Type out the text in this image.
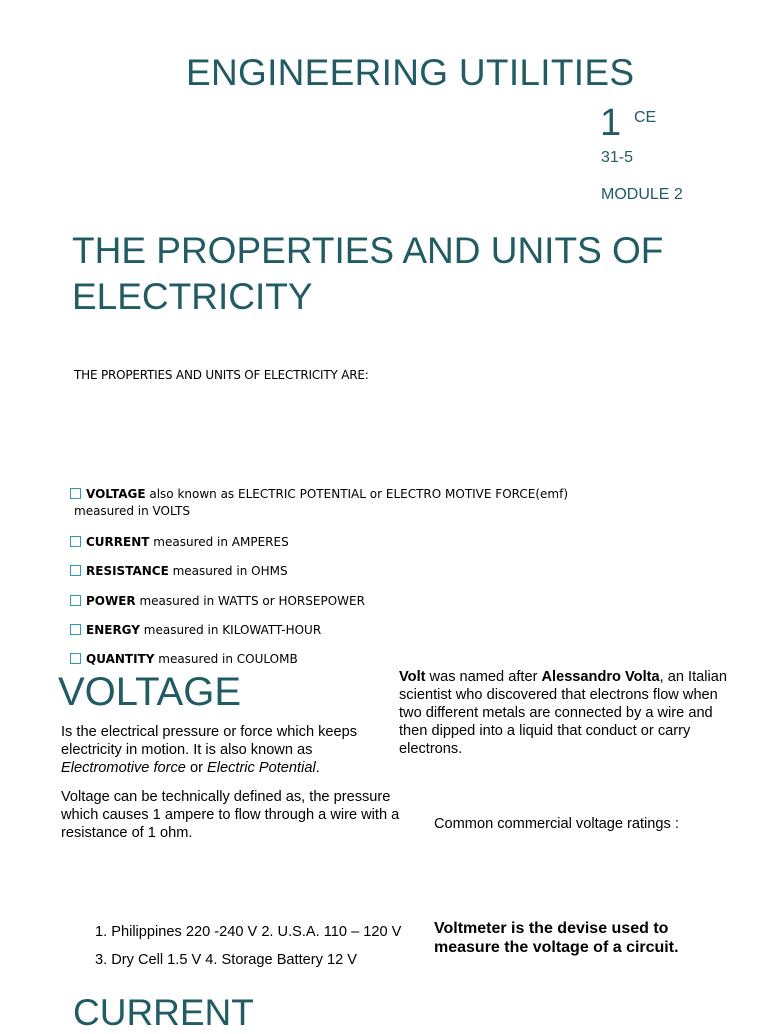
ENGINEERING UTILITIES
1 CE
31-5
MODULE 2
THE PROPERTIES AND UNITS OF ELECTRICITY
THE PROPERTIES AND UNITS OF ELECTRICITY ARE:
VOLTAGE also known as ELECTRIC POTENTIAL or ELECTRO MOTIVE FORCE(emf)
measured in VOLTS
CURRENT measured in AMPERES
RESISTANCE measured in OHMS
POWER measured in WATTS or HORSEPOWER
ENERGY measured in KILOWATT-HOUR
QUANTITY measured in COULOMB
VOLTAGE
Is the electrical pressure or force which keeps electricity in motion. It is also known as Electromotive force or Electric Potential.
Voltage can be technically defined as, the pressure which causes 1 ampere to flow through a wire with a resistance of 1 ohm.
Volt was named after Alessandro Volta, an Italian scientist who discovered that electrons flow when two different metals are connected by a wire and then dipped into a liquid that conduct or carry electrons.
Common commercial voltage ratings :
1. Philippines 220 -240 V 2. U.S.A. 110 – 120 V 3. Dry Cell 1.5 V 4. Storage Battery 12 V
Voltmeter is the devise used to measure the voltage of a circuit.
CURRENT
